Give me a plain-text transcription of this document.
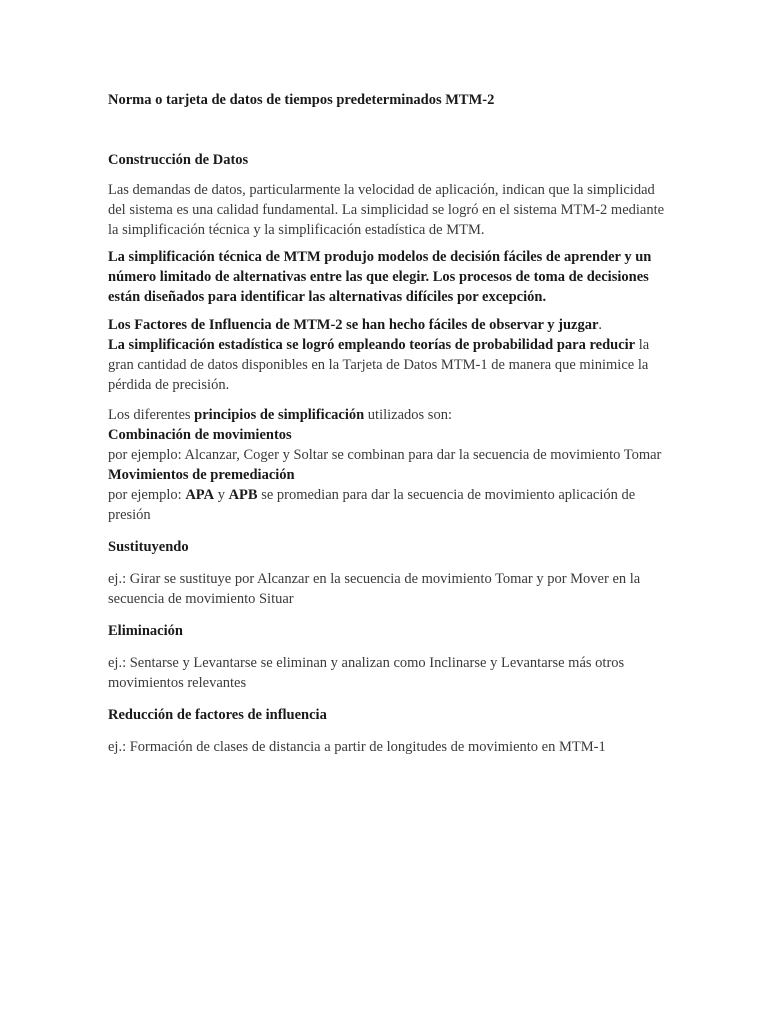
Norma o tarjeta de datos de tiempos predeterminados MTM-2

Construcción de Datos

Las demandas de datos, particularmente la velocidad de aplicación, indican que la simplicidad del sistema es una calidad fundamental. La simplicidad se logró en el sistema MTM-2 mediante la simplificación técnica y la simplificación estadística de MTM.

La simplificación técnica de MTM produjo modelos de decisión fáciles de aprender y un número limitado de alternativas entre las que elegir. Los procesos de toma de decisiones están diseñados para identificar las alternativas difíciles por excepción.

Los Factores de Influencia de MTM-2 se han hecho fáciles de observar y juzgar.

La simplificación estadística se logró empleando teorías de probabilidad para reducir la gran cantidad de datos disponibles en la Tarjeta de Datos MTM-1 de manera que minimice la pérdida de precisión.

Los diferentes principios de simplificación utilizados son:

Combinación de movimientos

por ejemplo: Alcanzar, Coger y Soltar se combinan para dar la secuencia de movimiento Tomar

Movimientos de premediación

por ejemplo: APA y APB se promedian para dar la secuencia de movimiento aplicación de presión

Sustituyendo

ej.: Girar se sustituye por Alcanzar en la secuencia de movimiento Tomar y por Mover en la secuencia de movimiento Situar

Eliminación

ej.: Sentarse y Levantarse se eliminan y analizan como Inclinarse y Levantarse más otros movimientos relevantes

Reducción de factores de influencia

ej.: Formación de clases de distancia a partir de longitudes de movimiento en MTM-1
